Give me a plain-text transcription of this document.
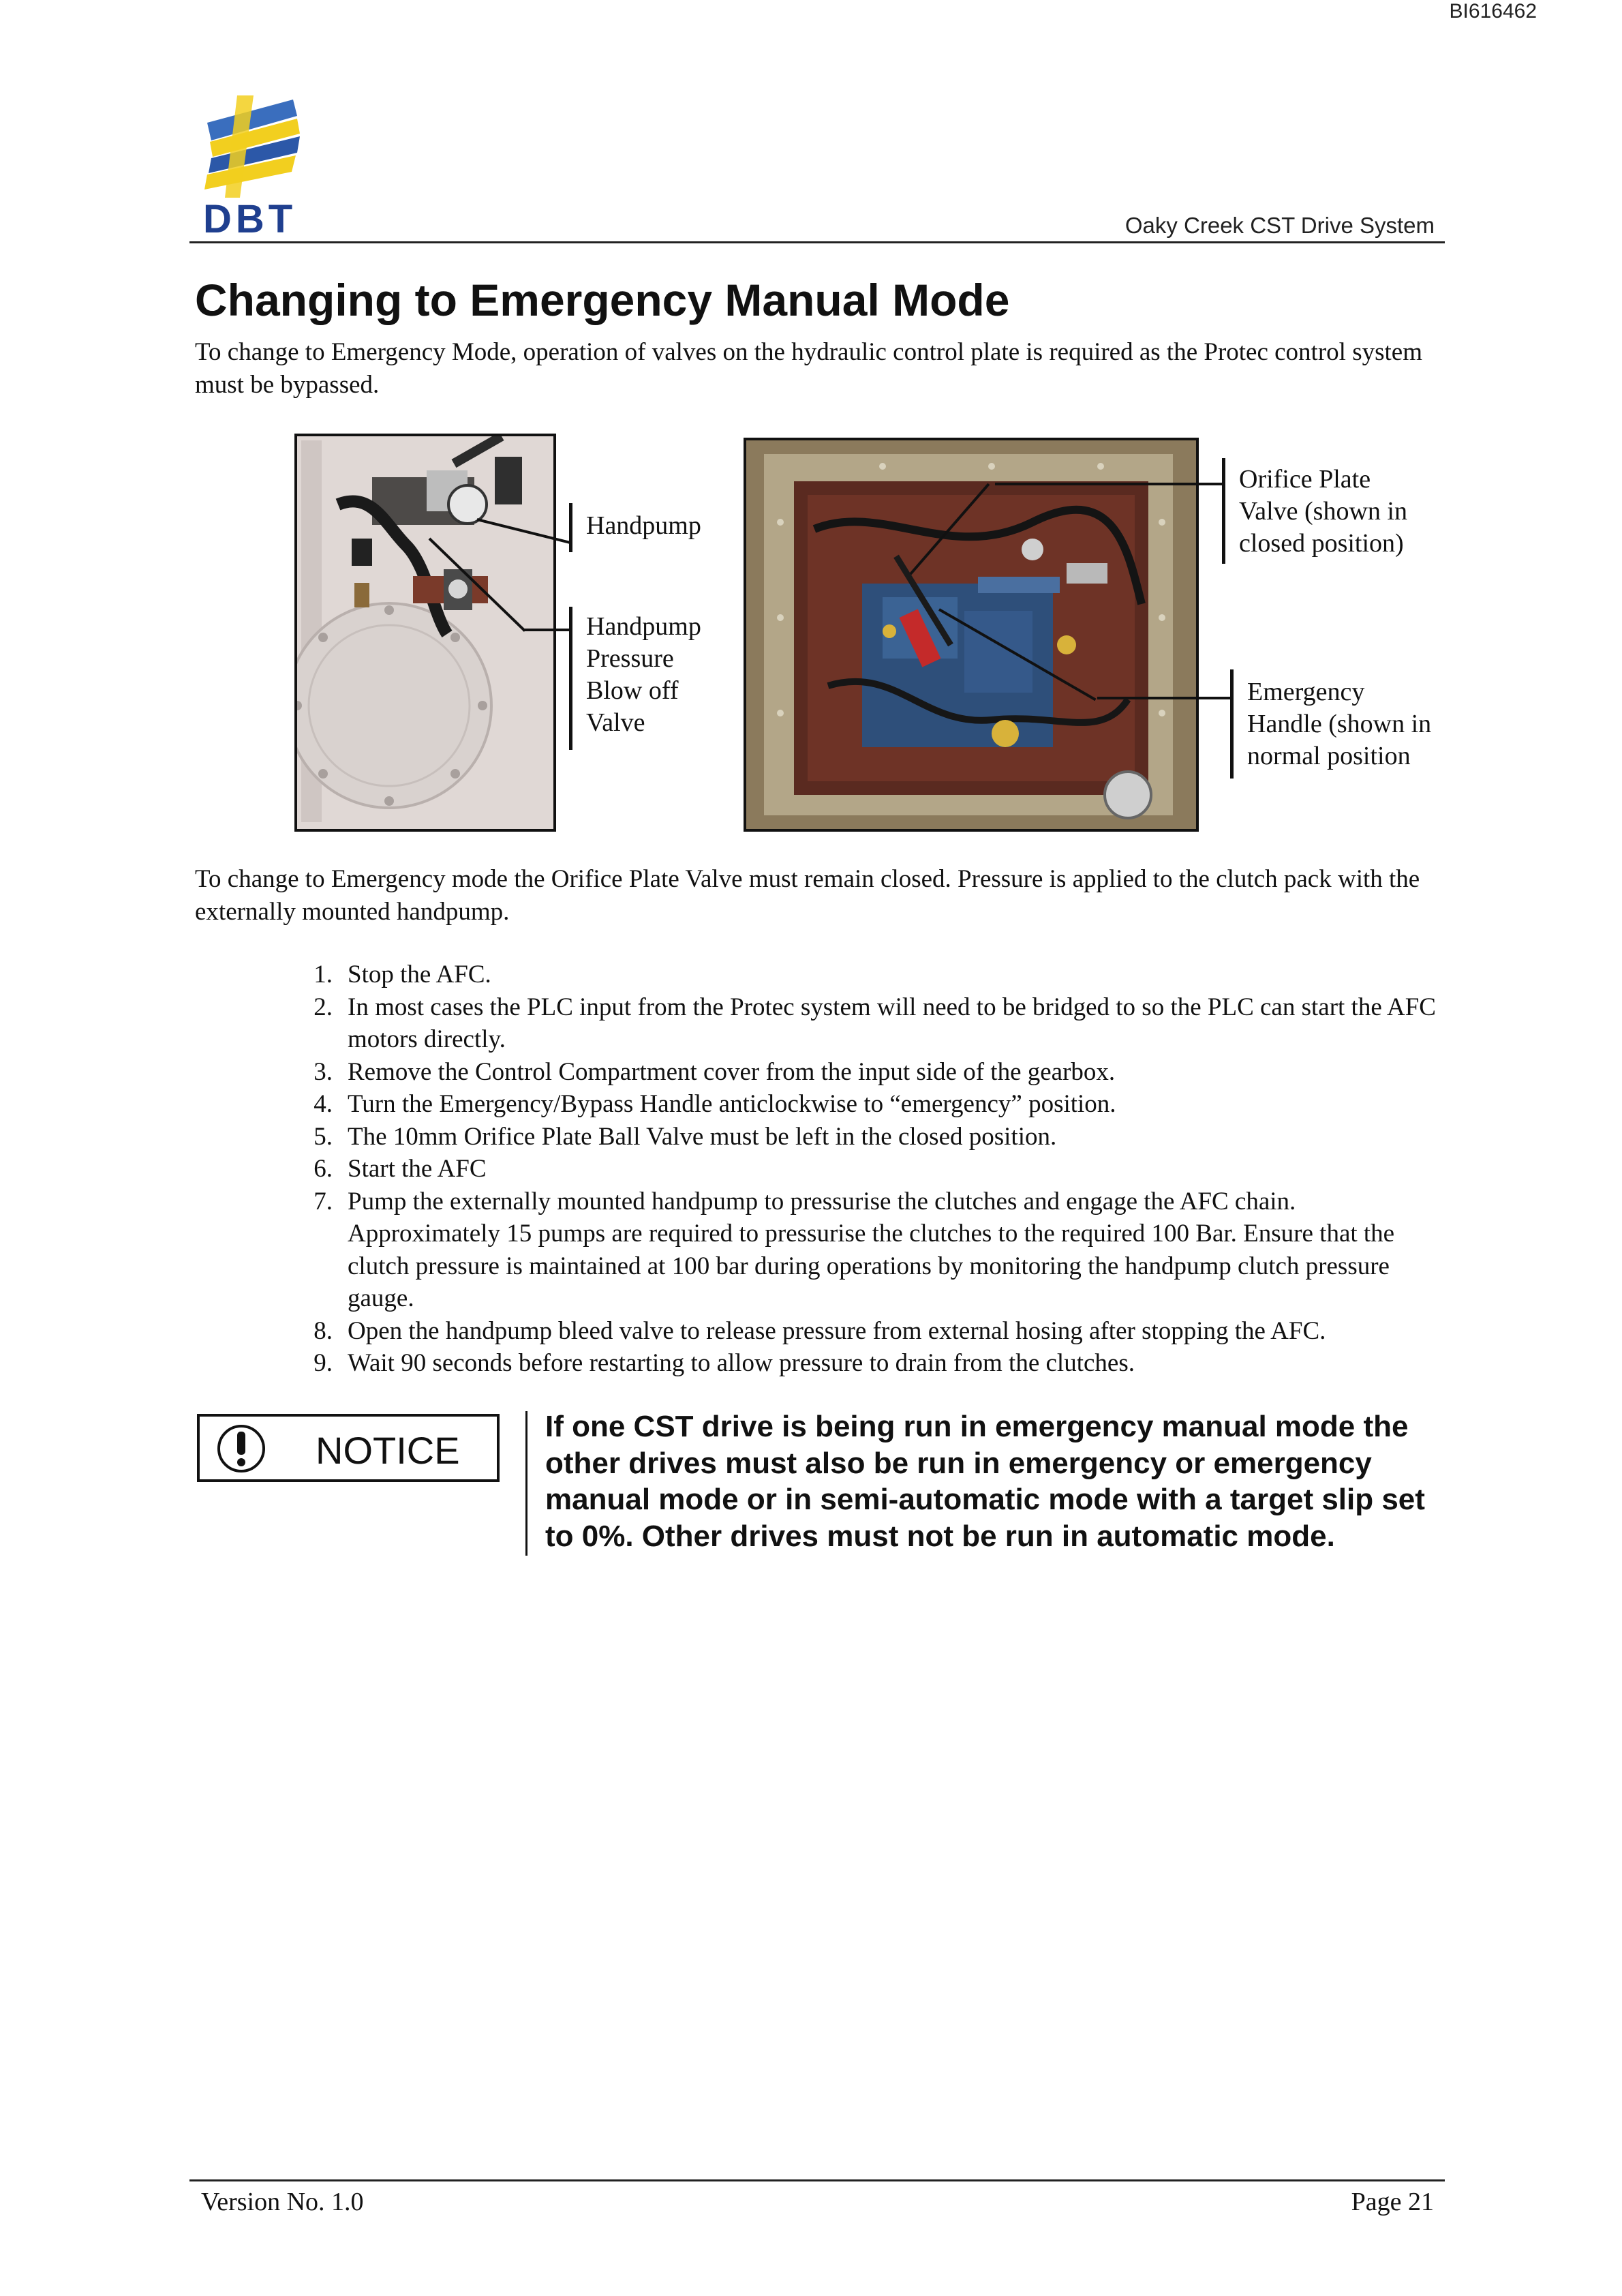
BI616462
DBT	Oaky Creek CST Drive System
Changing to Emergency Manual Mode
To change to Emergency Mode, operation of valves on the hydraulic control plate is required as the Protec control system must be bypassed.
Handpump
Handpump
Pressure
Blow off
Valve
Orifice Plate
Valve (shown in
closed position)
Emergency
Handle (shown in
normal position
To change to Emergency mode the Orifice Plate Valve must remain closed. Pressure is applied to the clutch pack with the externally mounted handpump.
1. Stop the AFC.
2. In most cases the PLC input from the Protec system will need to be bridged to so the PLC can start the AFC motors directly.
3. Remove the Control Compartment cover from the input side of the gearbox.
4. Turn the Emergency/Bypass Handle anticlockwise to “emergency” position.
5. The 10mm Orifice Plate Ball Valve must be left in the closed position.
6. Start the AFC
7. Pump the externally mounted handpump to pressurise the clutches and engage the AFC chain. Approximately 15 pumps are required to pressurise the clutches to the required 100 Bar. Ensure that the clutch pressure is maintained at 100 bar during operations by monitoring the handpump clutch pressure gauge.
8. Open the handpump bleed valve to release pressure from external hosing after stopping the AFC.
9. Wait 90 seconds before restarting to allow pressure to drain from the clutches.
NOTICE
If one CST drive is being run in emergency manual mode the other drives must also be run in emergency or emergency manual mode or in semi-automatic mode with a target slip set to 0%. Other drives must not be run in automatic mode.
Version No. 1.0	Page 21
